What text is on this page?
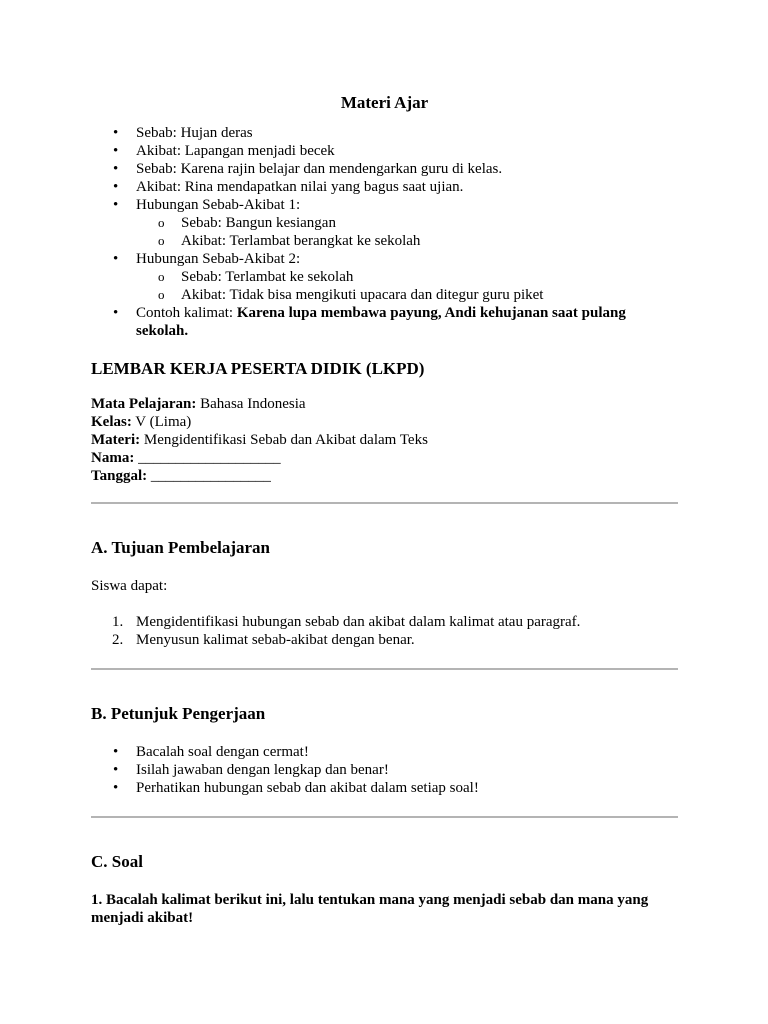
Materi Ajar
• Sebab: Hujan deras
• Akibat: Lapangan menjadi becek
• Sebab: Karena rajin belajar dan mendengarkan guru di kelas.
• Akibat: Rina mendapatkan nilai yang bagus saat ujian.
• Hubungan Sebab-Akibat 1:
o Sebab: Bangun kesiangan
o Akibat: Terlambat berangkat ke sekolah
• Hubungan Sebab-Akibat 2:
o Sebab: Terlambat ke sekolah
o Akibat: Tidak bisa mengikuti upacara dan ditegur guru piket
• Contoh kalimat: Karena lupa membawa payung, Andi kehujanan saat pulang sekolah.
LEMBAR KERJA PESERTA DIDIK (LKPD)
Mata Pelajaran: Bahasa Indonesia
Kelas: V (Lima)
Materi: Mengidentifikasi Sebab dan Akibat dalam Teks
Nama: ___________________
Tanggal: ________________
A. Tujuan Pembelajaran

Siswa dapat:

1. Mengidentifikasi hubungan sebab dan akibat dalam kalimat atau paragraf.
2. Menyusun kalimat sebab-akibat dengan benar.
B. Petunjuk Pengerjaan
• Bacalah soal dengan cermat!
• Isilah jawaban dengan lengkap dan benar!
• Perhatikan hubungan sebab dan akibat dalam setiap soal!
C. Soal

1. Bacalah kalimat berikut ini, lalu tentukan mana yang menjadi sebab dan mana yang menjadi akibat!
